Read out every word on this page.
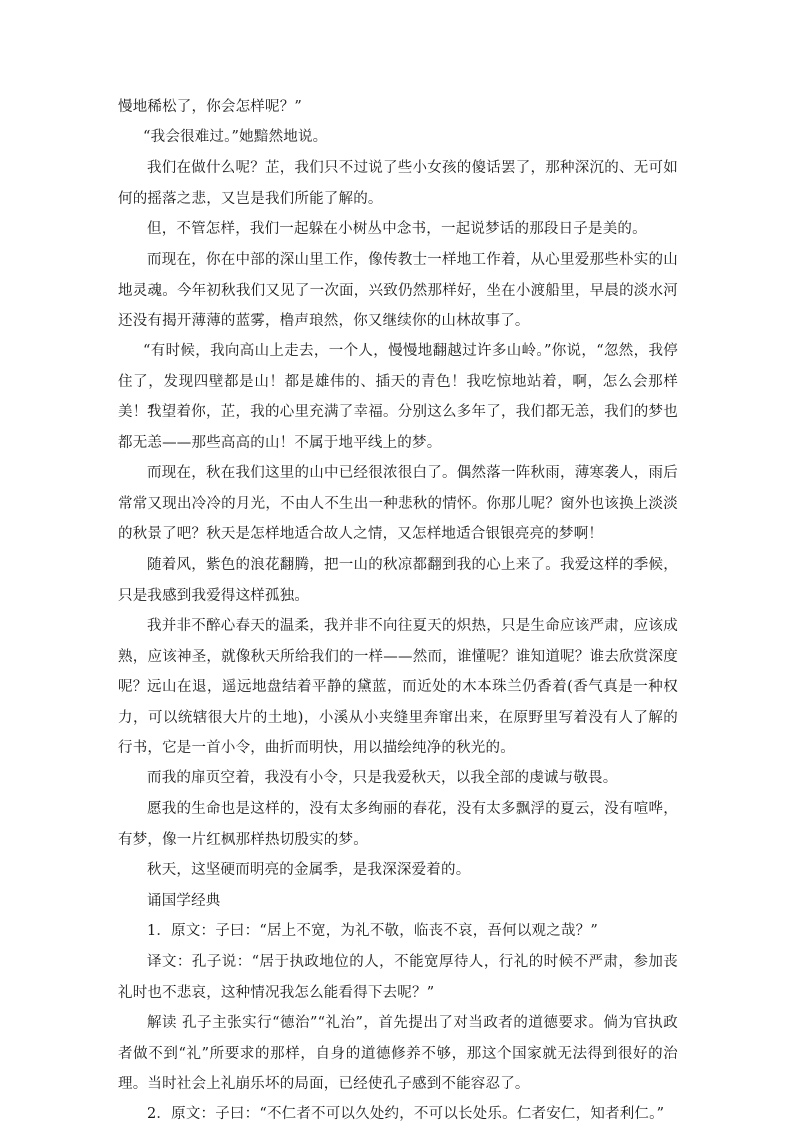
慢地稀松了，你会怎样呢？”

“我会很难过。”她黯然地说。

我们在做什么呢？芷，我们只不过说了些小女孩的傻话罢了，那种深沉的、无可如何的摇落之悲，又岂是我们所能了解的。

但，不管怎样，我们一起躲在小树丛中念书，一起说梦话的那段日子是美的。

而现在，你在中部的深山里工作，像传教士一样地工作着，从心里爱那些朴实的山地灵魂。今年初秋我们又见了一次面，兴致仍然那样好，坐在小渡船里，早晨的淡水河还没有揭开薄薄的蓝雾，橹声琅然，你又继续你的山林故事了。

“有时候，我向高山上走去，一个人，慢慢地翻越过许多山岭。”你说，“忽然，我停住了，发现四壁都是山！都是雄伟的、插天的青色！我吃惊地站着，啊，怎么会那样美！”

我望着你，芷，我的心里充满了幸福。分别这么多年了，我们都无恙，我们的梦也都无恙——那些高高的山！不属于地平线上的梦。

而现在，秋在我们这里的山中已经很浓很白了。偶然落一阵秋雨，薄寒袭人，雨后常常又现出冷冷的月光，不由人不生出一种悲秋的情怀。你那儿呢？窗外也该换上淡淡的秋景了吧？秋天是怎样地适合故人之情，又怎样地适合银银亮亮的梦啊！

随着风，紫色的浪花翻腾，把一山的秋凉都翻到我的心上来了。我爱这样的季候，只是我感到我爱得这样孤独。

我并非不醉心春天的温柔，我并非不向往夏天的炽热，只是生命应该严肃，应该成熟，应该神圣，就像秋天所给我们的一样——然而，谁懂呢？谁知道呢？谁去欣赏深度呢？ 远山在退，遥远地盘结着平静的黛蓝，而近处的木本珠兰仍香着(香气真是一种权力，可以统辖很大片的土地)，小溪从小夹缝里奔窜出来，在原野里写着没有人了解的行书，它是一首小令，曲折而明快，用以描绘纯净的秋光的。

而我的扉页空着，我没有小令，只是我爱秋天，以我全部的虔诚与敬畏。

愿我的生命也是这样的，没有太多绚丽的春花，没有太多飘浮的夏云，没有喧哗，有梦，像一片红枫那样热切殷实的梦。

秋天，这坚硬而明亮的金属季，是我深深爱着的。

诵国学经典

1．原文：子曰：“居上不宽，为礼不敬，临丧不哀，吾何以观之哉？”

译文：孔子说：“居于执政地位的人，不能宽厚待人，行礼的时候不严肃，参加丧礼时也不悲哀，这种情况我怎么能看得下去呢？”

解读 孔子主张实行“德治”“礼治”，首先提出了对当政者的道德要求。倘为官执政者做不到“礼”所要求的那样，自身的道德修养不够，那这个国家就无法得到很好的治理。当时社会上礼崩乐坏的局面，已经使孔子感到不能容忍了。

2．原文：子曰：“不仁者不可以久处约，不可以长处乐。仁者安仁，知者利仁。”
